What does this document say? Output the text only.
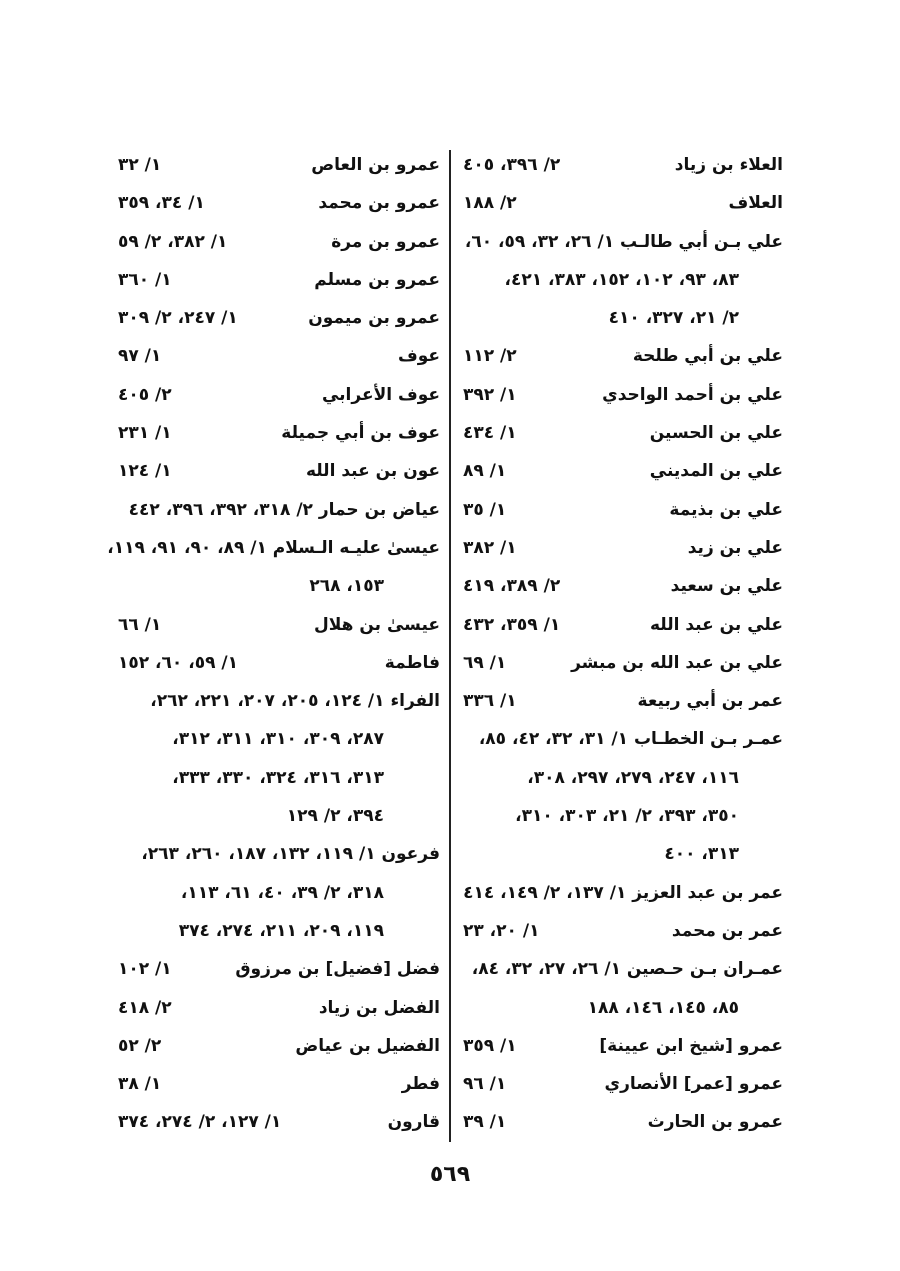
العلاء بن زياد
٢/ ٣٩٦، ٤٠٥
العلاف
٢/ ١٨٨
علي بـن أبي طالـب ١/ ٢٦، ٣٢، ٥٩، ٦٠،
٨٣، ٩٣، ١٠٢، ١٥٢، ٣٨٣، ٤٢١،
٢/ ٢١، ٣٢٧، ٤١٠
علي بن أبي طلحة
٢/ ١١٢
علي بن أحمد الواحدي
١/ ٣٩٢
علي بن الحسين
١/ ٤٣٤
علي بن المديني
١/ ٨٩
علي بن بذيمة
١/ ٣٥
علي بن زيد
١/ ٣٨٢
علي بن سعيد
٢/ ٣٨٩، ٤١٩
علي بن عبد الله
١/ ٣٥٩، ٤٣٢
علي بن عبد الله بن مبشر
١/ ٦٩
عمر بن أبي ربيعة
١/ ٣٣٦
عمـر بـن الخطـاب ١/ ٣١، ٣٢، ٤٢، ٨٥،
١١٦، ٢٤٧، ٢٧٩، ٢٩٧، ٣٠٨،
٣٥٠، ٣٩٣، ٢/ ٢١، ٣٠٣، ٣١٠،
٣١٣، ٤٠٠
عمر بن عبد العزيز ١/ ١٣٧، ٢/ ١٤٩، ٤١٤
عمر بن محمد
١/ ٢٠، ٢٣
عمـران بـن حـصين ١/ ٢٦، ٢٧، ٣٢، ٨٤،
٨٥، ١٤٥، ١٤٦، ١٨٨
عمرو [شيخ ابن عيينة]
١/ ٣٥٩
عمرو [عمر] الأنصاري
١/ ٩٦
عمرو بن الحارث
١/ ٣٩
عمرو بن العاص
١/ ٣٢
عمرو بن محمد
١/ ٣٤، ٣٥٩
عمرو بن مرة
١/ ٣٨٢، ٢/ ٥٩
عمرو بن مسلم
١/ ٣٦٠
عمرو بن ميمون
١/ ٢٤٧، ٢/ ٣٠٩
عوف
١/ ٩٧
عوف الأعرابي
٢/ ٤٠٥
عوف بن أبي جميلة
١/ ٢٣١
عون بن عبد الله
١/ ١٢٤
عياض بن حمار ٢/ ٣١٨، ٣٩٢، ٣٩٦، ٤٤٢
عيسىٰ عليـه الـسلام ١/ ٨٩، ٩٠، ٩١، ١١٩،
١٥٣، ٢٦٨
عيسىٰ بن هلال
١/ ٦٦
فاطمة
١/ ٥٩، ٦٠، ١٥٢
الفراء ١/ ١٢٤، ٢٠٥، ٢٠٧، ٢٢١، ٢٦٢،
٢٨٧، ٣٠٩، ٣١٠، ٣١١، ٣١٢،
٣١٣، ٣١٦، ٣٢٤، ٣٣٠، ٣٣٣،
٣٩٤، ٢/ ١٢٩
فرعون ١/ ١١٩، ١٣٢، ١٨٧، ٢٦٠، ٢٦٣،
٣١٨، ٢/ ٣٩، ٤٠، ٦١، ١١٣،
١١٩، ٢٠٩، ٢١١، ٢٧٤، ٣٧٤
فضل [فضيل] بن مرزوق
١/ ١٠٢
الفضل بن زياد
٢/ ٤١٨
الفضيل بن عياض
٢/ ٥٢
فطر
١/ ٣٨
قارون
١/ ١٢٧، ٢/ ٢٧٤، ٣٧٤
٥٦٩
